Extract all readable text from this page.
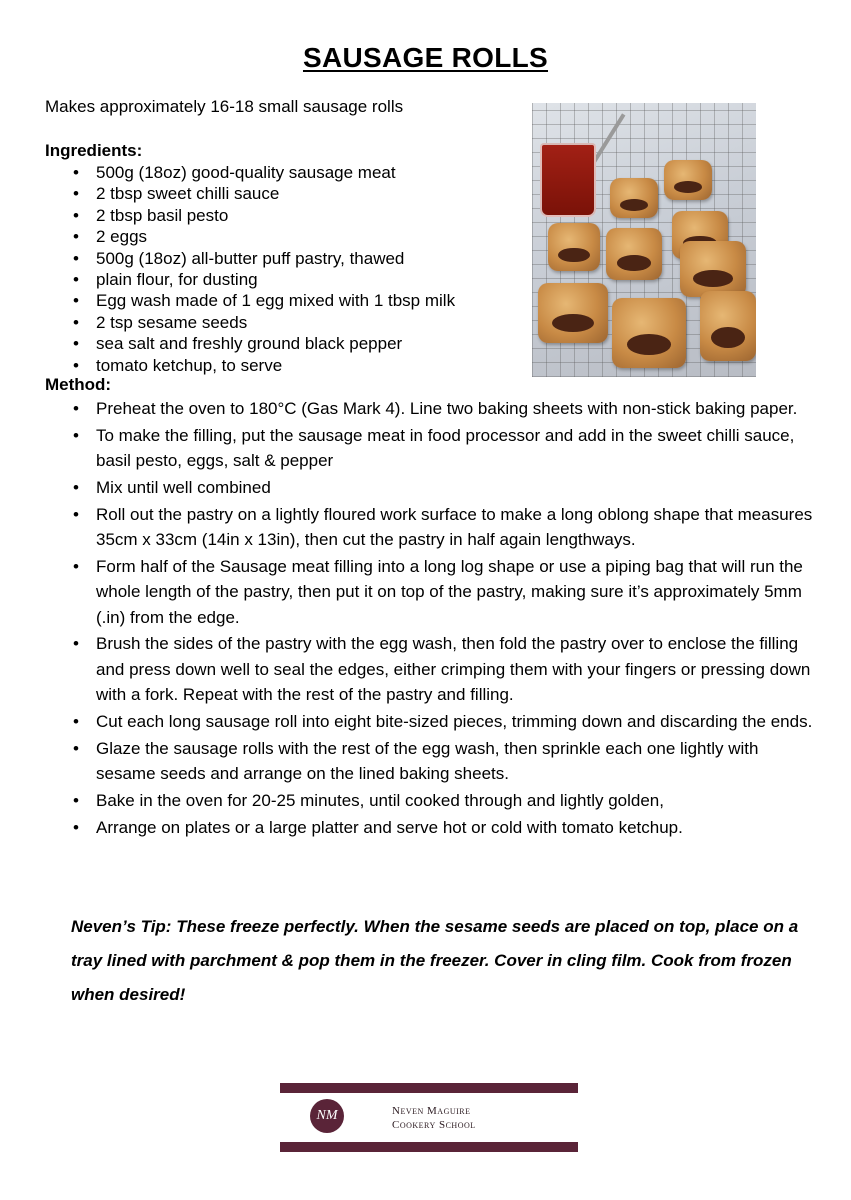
SAUSAGE ROLLS
Makes approximately 16-18 small sausage rolls
Ingredients:
• 500g (18oz) good-quality sausage meat
• 2 tbsp sweet chilli sauce
• 2 tbsp basil pesto
• 2 eggs
• 500g (18oz) all-butter puff pastry, thawed
• plain flour, for dusting
• Egg wash made of 1 egg mixed with 1 tbsp milk
• 2 tsp sesame seeds
• sea salt and freshly ground black pepper
• tomato ketchup, to serve
Method:
• Preheat the oven to 180°C (Gas Mark 4). Line two baking sheets with non-stick baking paper.
• To make the filling, put the sausage meat in food processor and add in the sweet chilli sauce, basil pesto, eggs, salt & pepper
• Mix until well combined
• Roll out the pastry on a lightly floured work surface to make a long oblong shape that measures 35cm x 33cm (14in x 13in), then cut the pastry in half again lengthways.
• Form half of the Sausage meat filling into a long log shape or use a piping bag that will run the whole length of the pastry, then put it on top of the pastry, making sure it’s approximately 5mm (.in) from the edge.
• Brush the sides of the pastry with the egg wash, then fold the pastry over to enclose the filling and press down well to seal the edges, either crimping them with your fingers or pressing down with a fork. Repeat with the rest of the pastry and filling.
• Cut each long sausage roll into eight bite-sized pieces, trimming down and discarding the ends.
• Glaze the sausage rolls with the rest of the egg wash, then sprinkle each one lightly with sesame seeds and arrange on the lined baking sheets.
• Bake in the oven for 20-25 minutes, until cooked through and lightly golden,
• Arrange on plates or a large platter and serve hot or cold with tomato ketchup.

Neven’s Tip: These freeze perfectly. When the sesame seeds are placed on top, place on a tray lined with parchment & pop them in the freezer. Cover in cling film. Cook from frozen when desired!

NM	Neven Maguire
Cookery School
